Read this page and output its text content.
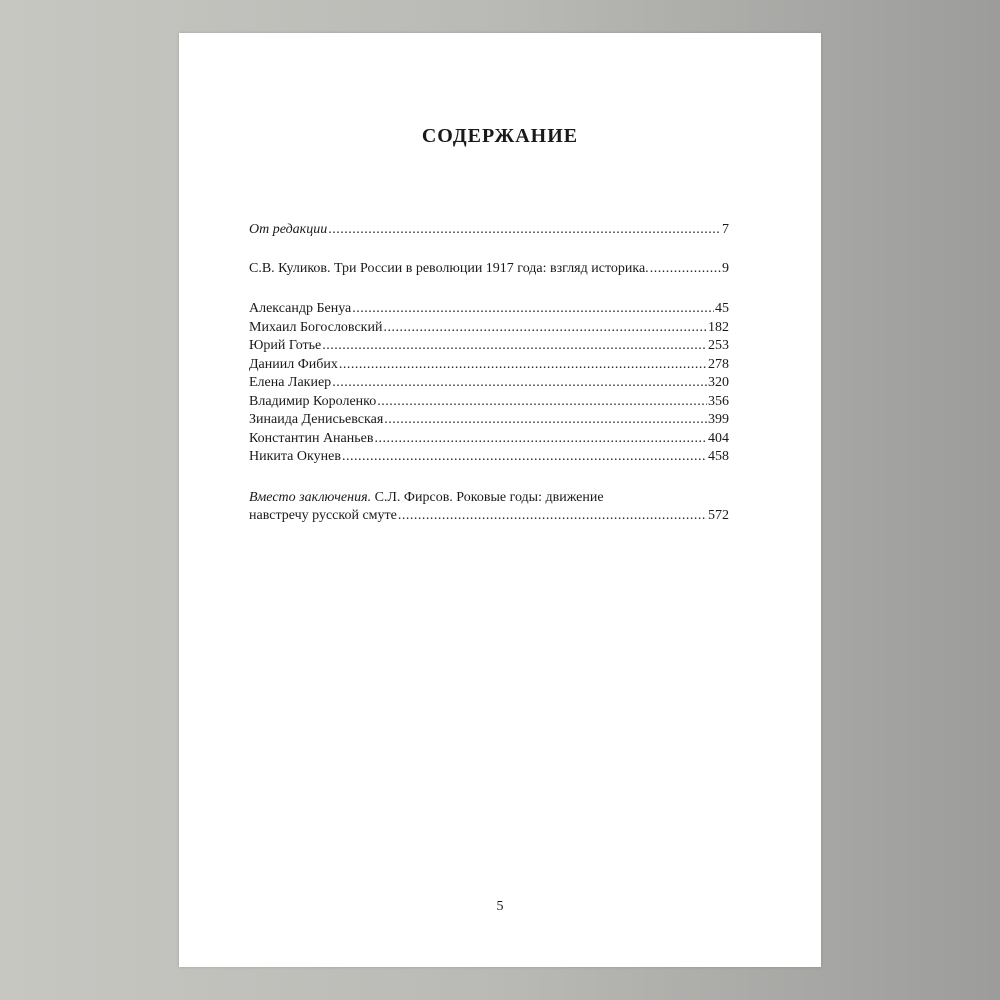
СОДЕРЖАНИЕ
От редакции .....	7
С.В. Куликов. Три России в революции 1917 года: взгляд историка. .....	9
Александр Бенуа .....	45
Михаил Богословский .....	182
Юрий Готье .....	253
Даниил Фибих .....	278
Елена Лакиер .....	320
Владимир Короленко .....	356
Зинаида Денисьевская .....	399
Константин Ананьев .....	404
Никита Окунев .....	458
Вместо заключения. С.Л. Фирсов. Роковые годы: движение
навстречу русской смуте .....	572
5
